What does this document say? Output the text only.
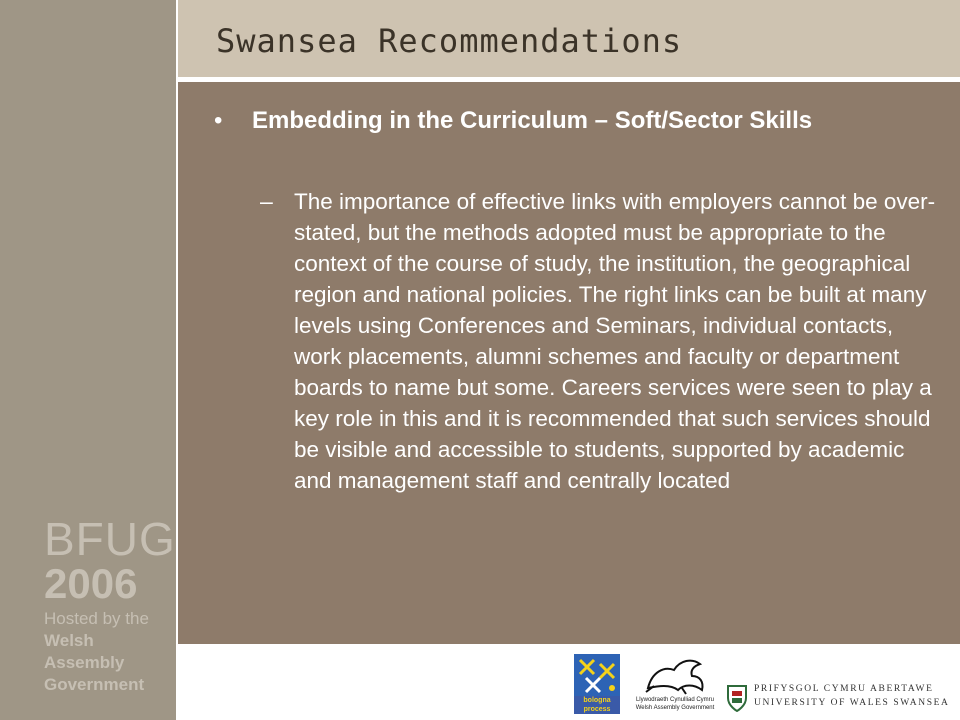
BFUG
2006
Hosted by the
Welsh
Assembly
Government
Swansea Recommendations
• Embedding in the Curriculum – Soft/Sector Skills
– The importance of effective links with employers cannot be over-stated, but the methods adopted must be appropriate to the context of the course of study, the institution, the geographical region and national policies. The right links can be built at many levels using Conferences and Seminars, individual contacts, work placements, alumni schemes and faculty or department boards to name but some. Careers services were seen to play a key role in this and it is recommended that such services should be visible and accessible to students, supported by academic and management staff and centrally located
bologna
process
Llywodraeth Cynulliad Cymru
Welsh Assembly Government
PRIFYSGOL CYMRU ABERTAWE
UNIVERSITY OF WALES SWANSEA
